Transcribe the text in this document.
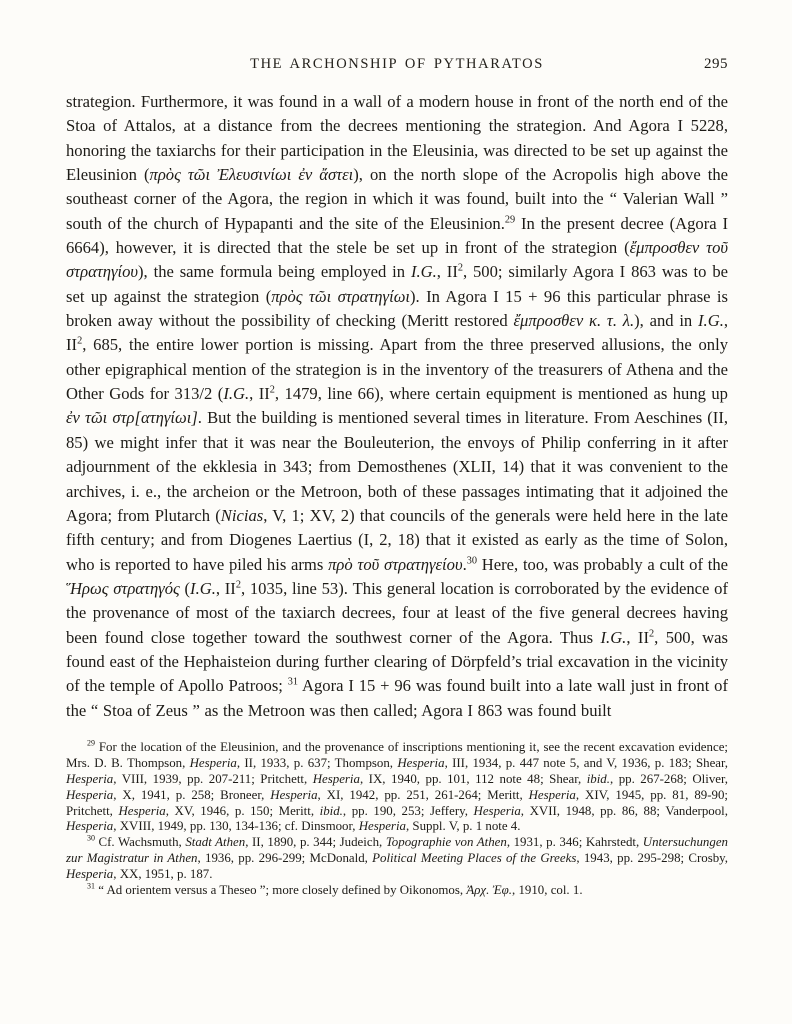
THE ARCHONSHIP OF PYTHARATOS	295

strategion. Furthermore, it was found in a wall of a modern house in front of the north end of the Stoa of Attalos, at a distance from the decrees mentioning the strategion. And Agora I 5228, honoring the taxiarchs for their participation in the Eleusinia, was directed to be set up against the Eleusinion (πρὸς τῶι Ἐλευσινίωι ἐν ἄστει), on the north slope of the Acropolis high above the southeast corner of the Agora, the region in which it was found, built into the “ Valerian Wall ” south of the church of Hypapanti and the site of the Eleusinion.$^{29}$ In the present decree (Agora I 6664), however, it is directed that the stele be set up in front of the strategion (ἔμπροσθεν τοῦ στρατηγίου), the same formula being employed in I.G., $II^2$, 500; similarly Agora I 863 was to be set up against the strategion (πρὸς τῶι στρατηγίωι). In Agora I 15 + 96 this particular phrase is broken away without the possibility of checking (Meritt restored ἔμπροσθεν κ. τ. λ.), and in I.G., $II^2$, 685, the entire lower portion is missing. Apart from the three preserved allusions, the only other epigraphical mention of the strategion is in the inventory of the treasurers of Athena and the Other Gods for 313/2 (I.G., $II^2$, 1479, line 66), where certain equipment is mentioned as hung up ἐν τῶι στρ[ατηγίωι]. But the building is mentioned several times in literature. From Aeschines (II, 85) we might infer that it was near the Bouleuterion, the envoys of Philip conferring in it after adjournment of the ekklesia in 343; from Demosthenes (XLII, 14) that it was convenient to the archives, i. e., the archeion or the Metroon, both of these passages intimating that it adjoined the Agora; from Plutarch (Nicias, V, 1; XV, 2) that councils of the generals were held here in the late fifth century; and from Diogenes Laertius (I, 2, 18) that it existed as early as the time of Solon, who is reported to have piled his arms πρὸ τοῦ στρατηγείου.$^{30}$ Here, too, was probably a cult of the Ἥρως στρατηγός (I.G., $II^2$, 1035, line 53). This general location is corroborated by the evidence of the provenance of most of the taxiarch decrees, four at least of the five general decrees having been found close together toward the southwest corner of the Agora. Thus I.G., $II^2$, 500, was found east of the Hephaisteion during further clearing of Dörpfeld’s trial excavation in the vicinity of the temple of Apollo Patroos; $^{31}$ Agora I 15 + 96 was found built into a late wall just in front of the “ Stoa of Zeus ” as the Metroon was then called; Agora I 863 was found built

$^{29}$ For the location of the Eleusinion, and the provenance of inscriptions mentioning it, see the recent excavation evidence; Mrs. D. B. Thompson, Hesperia, II, 1933, p. 637; Thompson, Hesperia, III, 1934, p. 447 note 5, and V, 1936, p. 183; Shear, Hesperia, VIII, 1939, pp. 207-211; Pritchett, Hesperia, IX, 1940, pp. 101, 112 note 48; Shear, ibid., pp. 267-268; Oliver, Hesperia, X, 1941, p. 258; Broneer, Hesperia, XI, 1942, pp. 251, 261-264; Meritt, Hesperia, XIV, 1945, pp. 81, 89-90; Pritchett, Hesperia, XV, 1946, p. 150; Meritt, ibid., pp. 190, 253; Jeffery, Hesperia, XVII, 1948, pp. 86, 88; Vanderpool, Hesperia, XVIII, 1949, pp. 130, 134-136; cf. Dinsmoor, Hesperia, Suppl. V, p. 1 note 4.

$^{30}$ Cf. Wachsmuth, Stadt Athen, II, 1890, p. 344; Judeich, Topographie von Athen, 1931, p. 346; Kahrstedt, Untersuchungen zur Magistratur in Athen, 1936, pp. 296-299; McDonald, Political Meeting Places of the Greeks, 1943, pp. 295-298; Crosby, Hesperia, XX, 1951, p. 187.

$^{31}$ “ Ad orientem versus a Theseo ”; more closely defined by Oikonomos, Ἀρχ. Ἐφ., 1910, col. 1.
